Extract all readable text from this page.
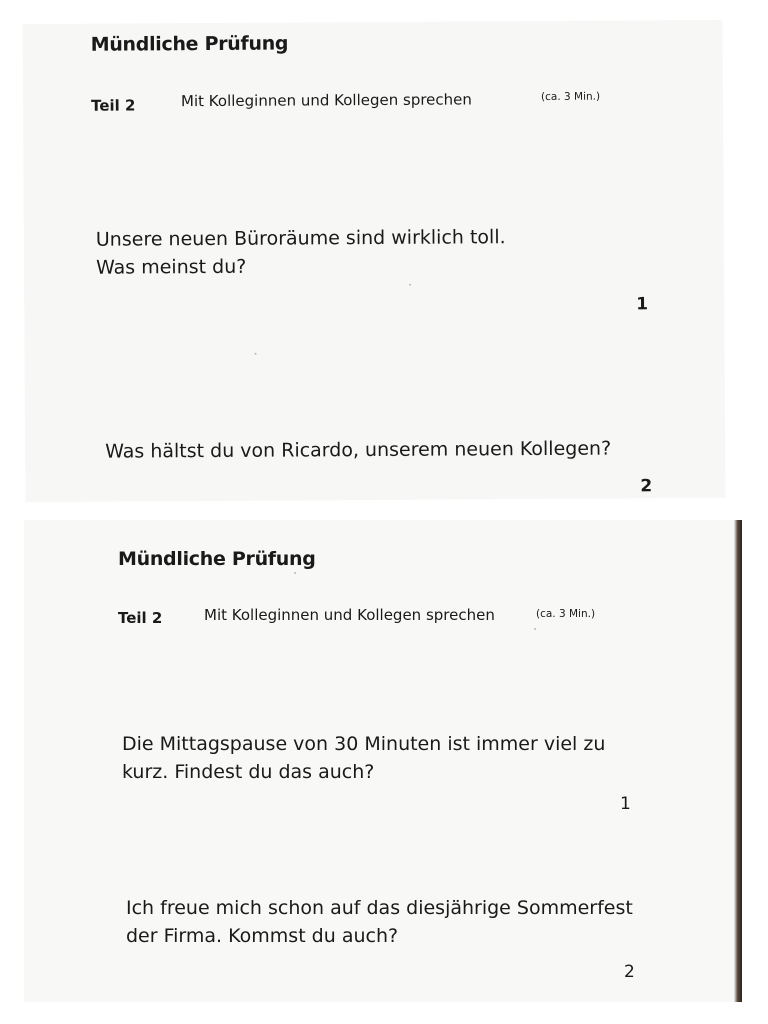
Mündliche Prüfung
Teil 2	Mit Kolleginnen und Kollegen sprechen	(ca. 3 Min.)

Unsere neuen Büroräume sind wirklich toll.
Was meinst du?

1

Was hältst du von Ricardo, unserem neuen Kollegen?

2
Mündliche Prüfung
Teil 2	Mit Kolleginnen und Kollegen sprechen	(ca. 3 Min.)

Die Mittagspause von 30 Minuten ist immer viel zu
kurz. Findest du das auch?

1

Ich freue mich schon auf das diesjährige Sommerfest
der Firma. Kommst du auch?

2
